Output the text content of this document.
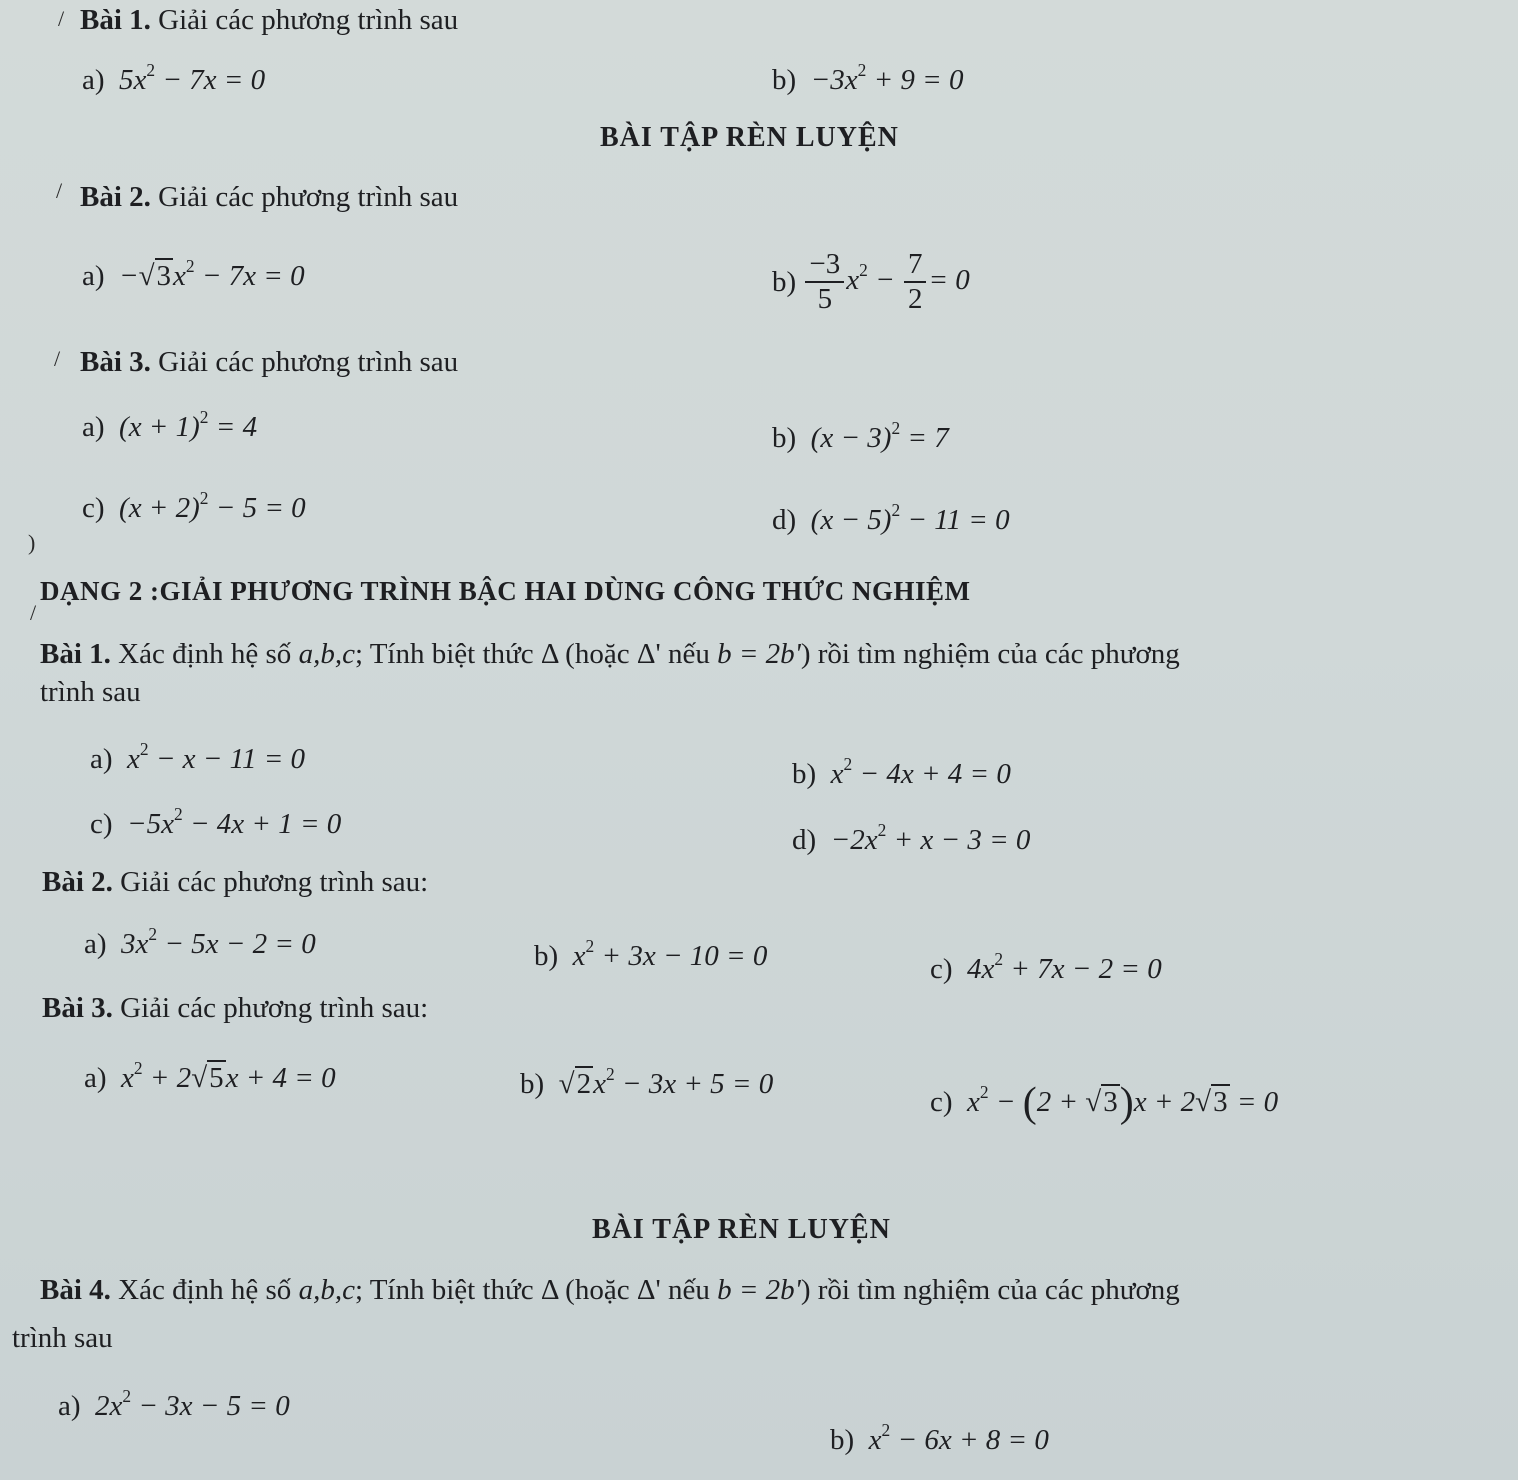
/ Bài 1. Giải các phương trình sau
a)  $5x^2 - 7x = 0$	$b) -3x^2 + 9 = 0$
BÀI TẬP RÈN LUYỆN
/ Bài 2. Giải các phương trình sau
$a) -√3x^2 - 7x = 0$	$b) \frac{-3}{5} x^2 - \frac{7}{2} = 0$
/ Bài 3. Giải các phương trình sau
a)  $(x + 1)^2 = 4$	b)  $(x - 3)^2 = 7$
c)  $(x + 2)^2 - 5 = 0$	d)  $(x - 5)^2 - 11 = 0$
)
DẠNG 2 :GIẢI PHƯƠNG TRÌNH BẬC HAI DÙNG CÔNG THỨC NGHIỆM
/
Bài 1. Xác định hệ số a,b,c; Tính biệt thức Δ (hoặc Δ' nếu b = 2b') rồi tìm nghiệm của các phương
trình sau
a)  $x^2 - x - 11 = 0$	b)  $x^2 - 4x + 4 = 0$
$c) -5x^2 - 4x + 1 = 0$	$d) -2x^2 + x - 3 = 0$
Bài 2. Giải các phương trình sau:
a)  $3x^2 - 5x - 2 = 0$	b)  $x^2 + 3x - 10 = 0$	c)  $4x^2 + 7x - 2 = 0$
Bài 3. Giải các phương trình sau:
a)  $x^2 + 2√5x + 4 = 0$	b) $√2x^2 - 3x + 5 = 0$
c)  $x^2 - (2 + √3)x + 2√3 = 0$
BÀI TẬP RÈN LUYỆN
Bài 4. Xác định hệ số a,b,c; Tính biệt thức Δ (hoặc Δ' nếu b = 2b') rồi tìm nghiệm của các phương
trình sau
a)  $2x^2 - 3x - 5 = 0$
b)  $x^2 - 6x + 8 = 0$
